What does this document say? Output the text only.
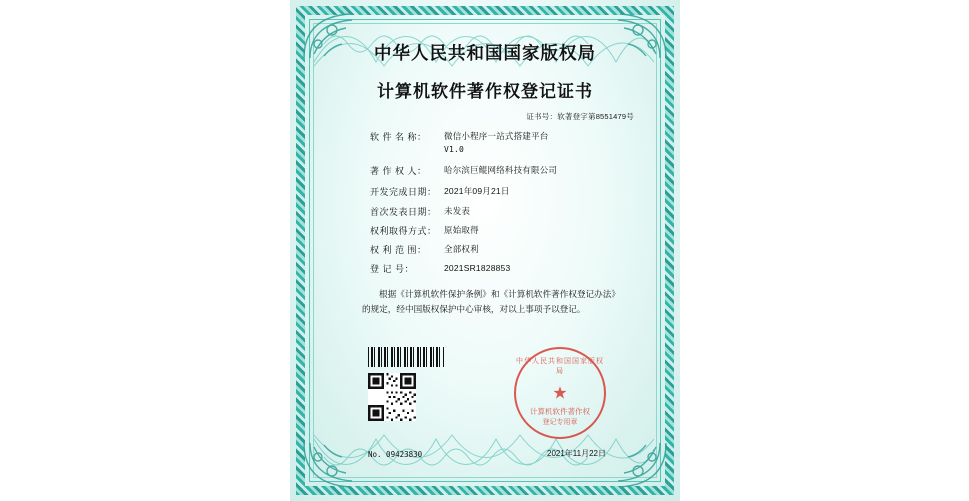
中华人民共和国国家版权局
计算机软件著作权登记证书
证书号：软著登字第8551479号
软 件 名 称：	微信小程序一站式搭建平台
V1.0
著 作 权 人：	哈尔滨巨鲲网络科技有限公司
开发完成日期： 2021年09月21日
首次发表日期： 未发表
权利取得方式： 原始取得
权 利 范 围：	全部权利
登 记 号：	2021SR1828853
根据《计算机软件保护条例》和《计算机软件著作权登记办法》的规定，经中国版权保护中心审核，对以上事项予以登记。
中华人民共和国国家版权局
★
计算机软件著作权
登记专用章
No. 09423830	2021年11月22日
